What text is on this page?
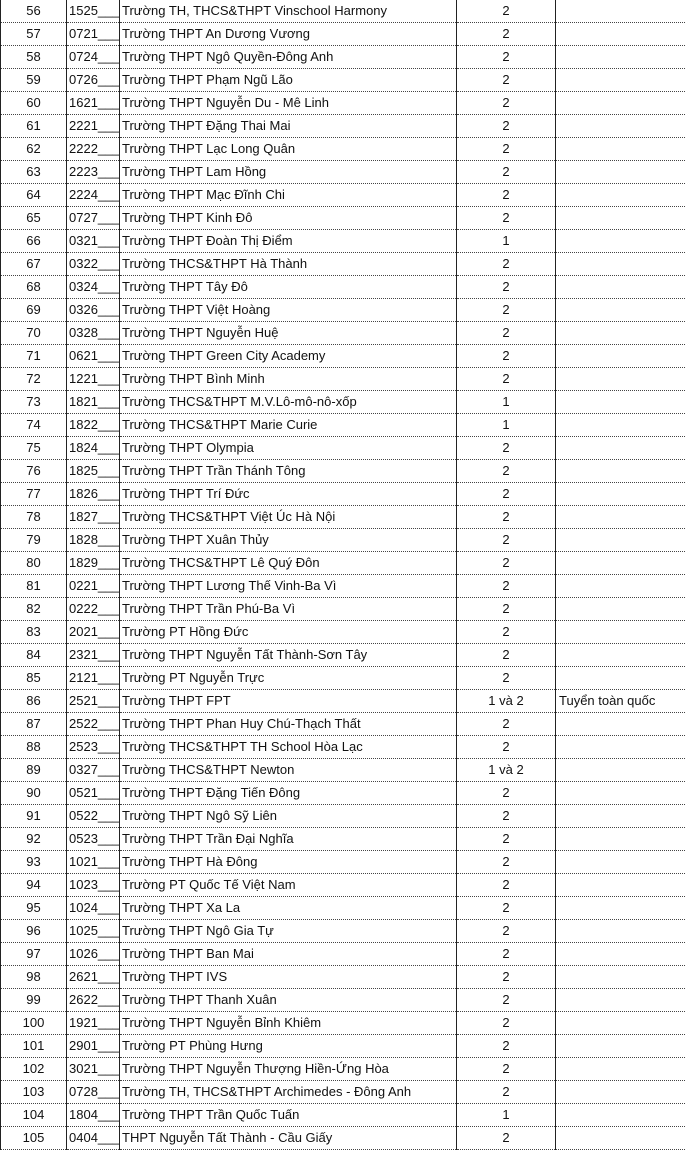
56	1525___	Trường TH, THCS&THPT Vinschool Harmony	2	
57	0721___	Trường THPT An Dương Vương	2	
58	0724___	Trường THPT Ngô Quyền-Đông Anh	2	
59	0726___	Trường THPT Phạm Ngũ Lão	2	
60	1621___	Trường THPT Nguyễn Du - Mê Linh	2	
61	2221___	Trường THPT Đặng Thai Mai	2	
62	2222___	Trường THPT Lạc Long Quân	2	
63	2223___	Trường THPT Lam Hồng	2	
64	2224___	Trường THPT Mạc Đĩnh Chi	2	
65	0727___	Trường THPT Kinh Đô	2	
66	0321___	Trường THPT Đoàn Thị Điểm	1	
67	0322___	Trường THCS&THPT Hà Thành	2	
68	0324___	Trường THPT Tây Đô	2	
69	0326___	Trường THPT Việt Hoàng	2	
70	0328___	Trường THPT Nguyễn Huệ	2	
71	0621___	Trường THPT Green City Academy	2	
72	1221___	Trường THPT Bình Minh	2	
73	1821___	Trường THCS&THPT M.V.Lô-mô-nô-xốp	1	
74	1822___	Trường THCS&THPT Marie Curie	1	
75	1824___	Trường THPT Olympia	2	
76	1825___	Trường THPT Trần Thánh Tông	2	
77	1826___	Trường THPT Trí Đức	2	
78	1827___	Trường THCS&THPT Việt Úc Hà Nội	2	
79	1828___	Trường THPT Xuân Thủy	2	
80	1829___	Trường THCS&THPT Lê Quý Đôn	2	
81	0221___	Trường THPT Lương Thế Vinh-Ba Vì	2	
82	0222___	Trường THPT Trần Phú-Ba Vì	2	
83	2021___	Trường PT Hồng Đức	2	
84	2321___	Trường THPT Nguyễn Tất Thành-Sơn Tây	2	
85	2121___	Trường PT Nguyễn Trực	2	
86	2521___	Trường THPT FPT	1 và 2	Tuyển toàn quốc
87	2522___	Trường THPT Phan Huy Chú-Thạch Thất	2	
88	2523___	Trường THCS&THPT TH School Hòa Lạc	2	
89	0327___	Trường THCS&THPT Newton	1 và 2	
90	0521___	Trường THPT Đặng Tiến Đông	2	
91	0522___	Trường THPT Ngô Sỹ Liên	2	
92	0523___	Trường THPT Trần Đại Nghĩa	2	
93	1021___	Trường THPT Hà Đông	2	
94	1023___	Trường PT Quốc Tế Việt Nam	2	
95	1024___	Trường THPT Xa La	2	
96	1025___	Trường THPT Ngô Gia Tự	2	
97	1026___	Trường THPT Ban Mai	2	
98	2621___	Trường THPT IVS	2	
99	2622___	Trường THPT Thanh Xuân	2	
100	1921___	Trường THPT Nguyễn Bỉnh Khiêm	2	
101	2901___	Trường PT Phùng Hưng	2	
102	3021___	Trường THPT Nguyễn Thượng Hiền-Ứng Hòa	2	
103	0728___	Trường TH, THCS&THPT Archimedes - Đông Anh	2	
104	1804___	Trường THPT Trần Quốc Tuấn	1	
105	0404___	THPT Nguyễn Tất Thành - Cầu Giấy	2	
